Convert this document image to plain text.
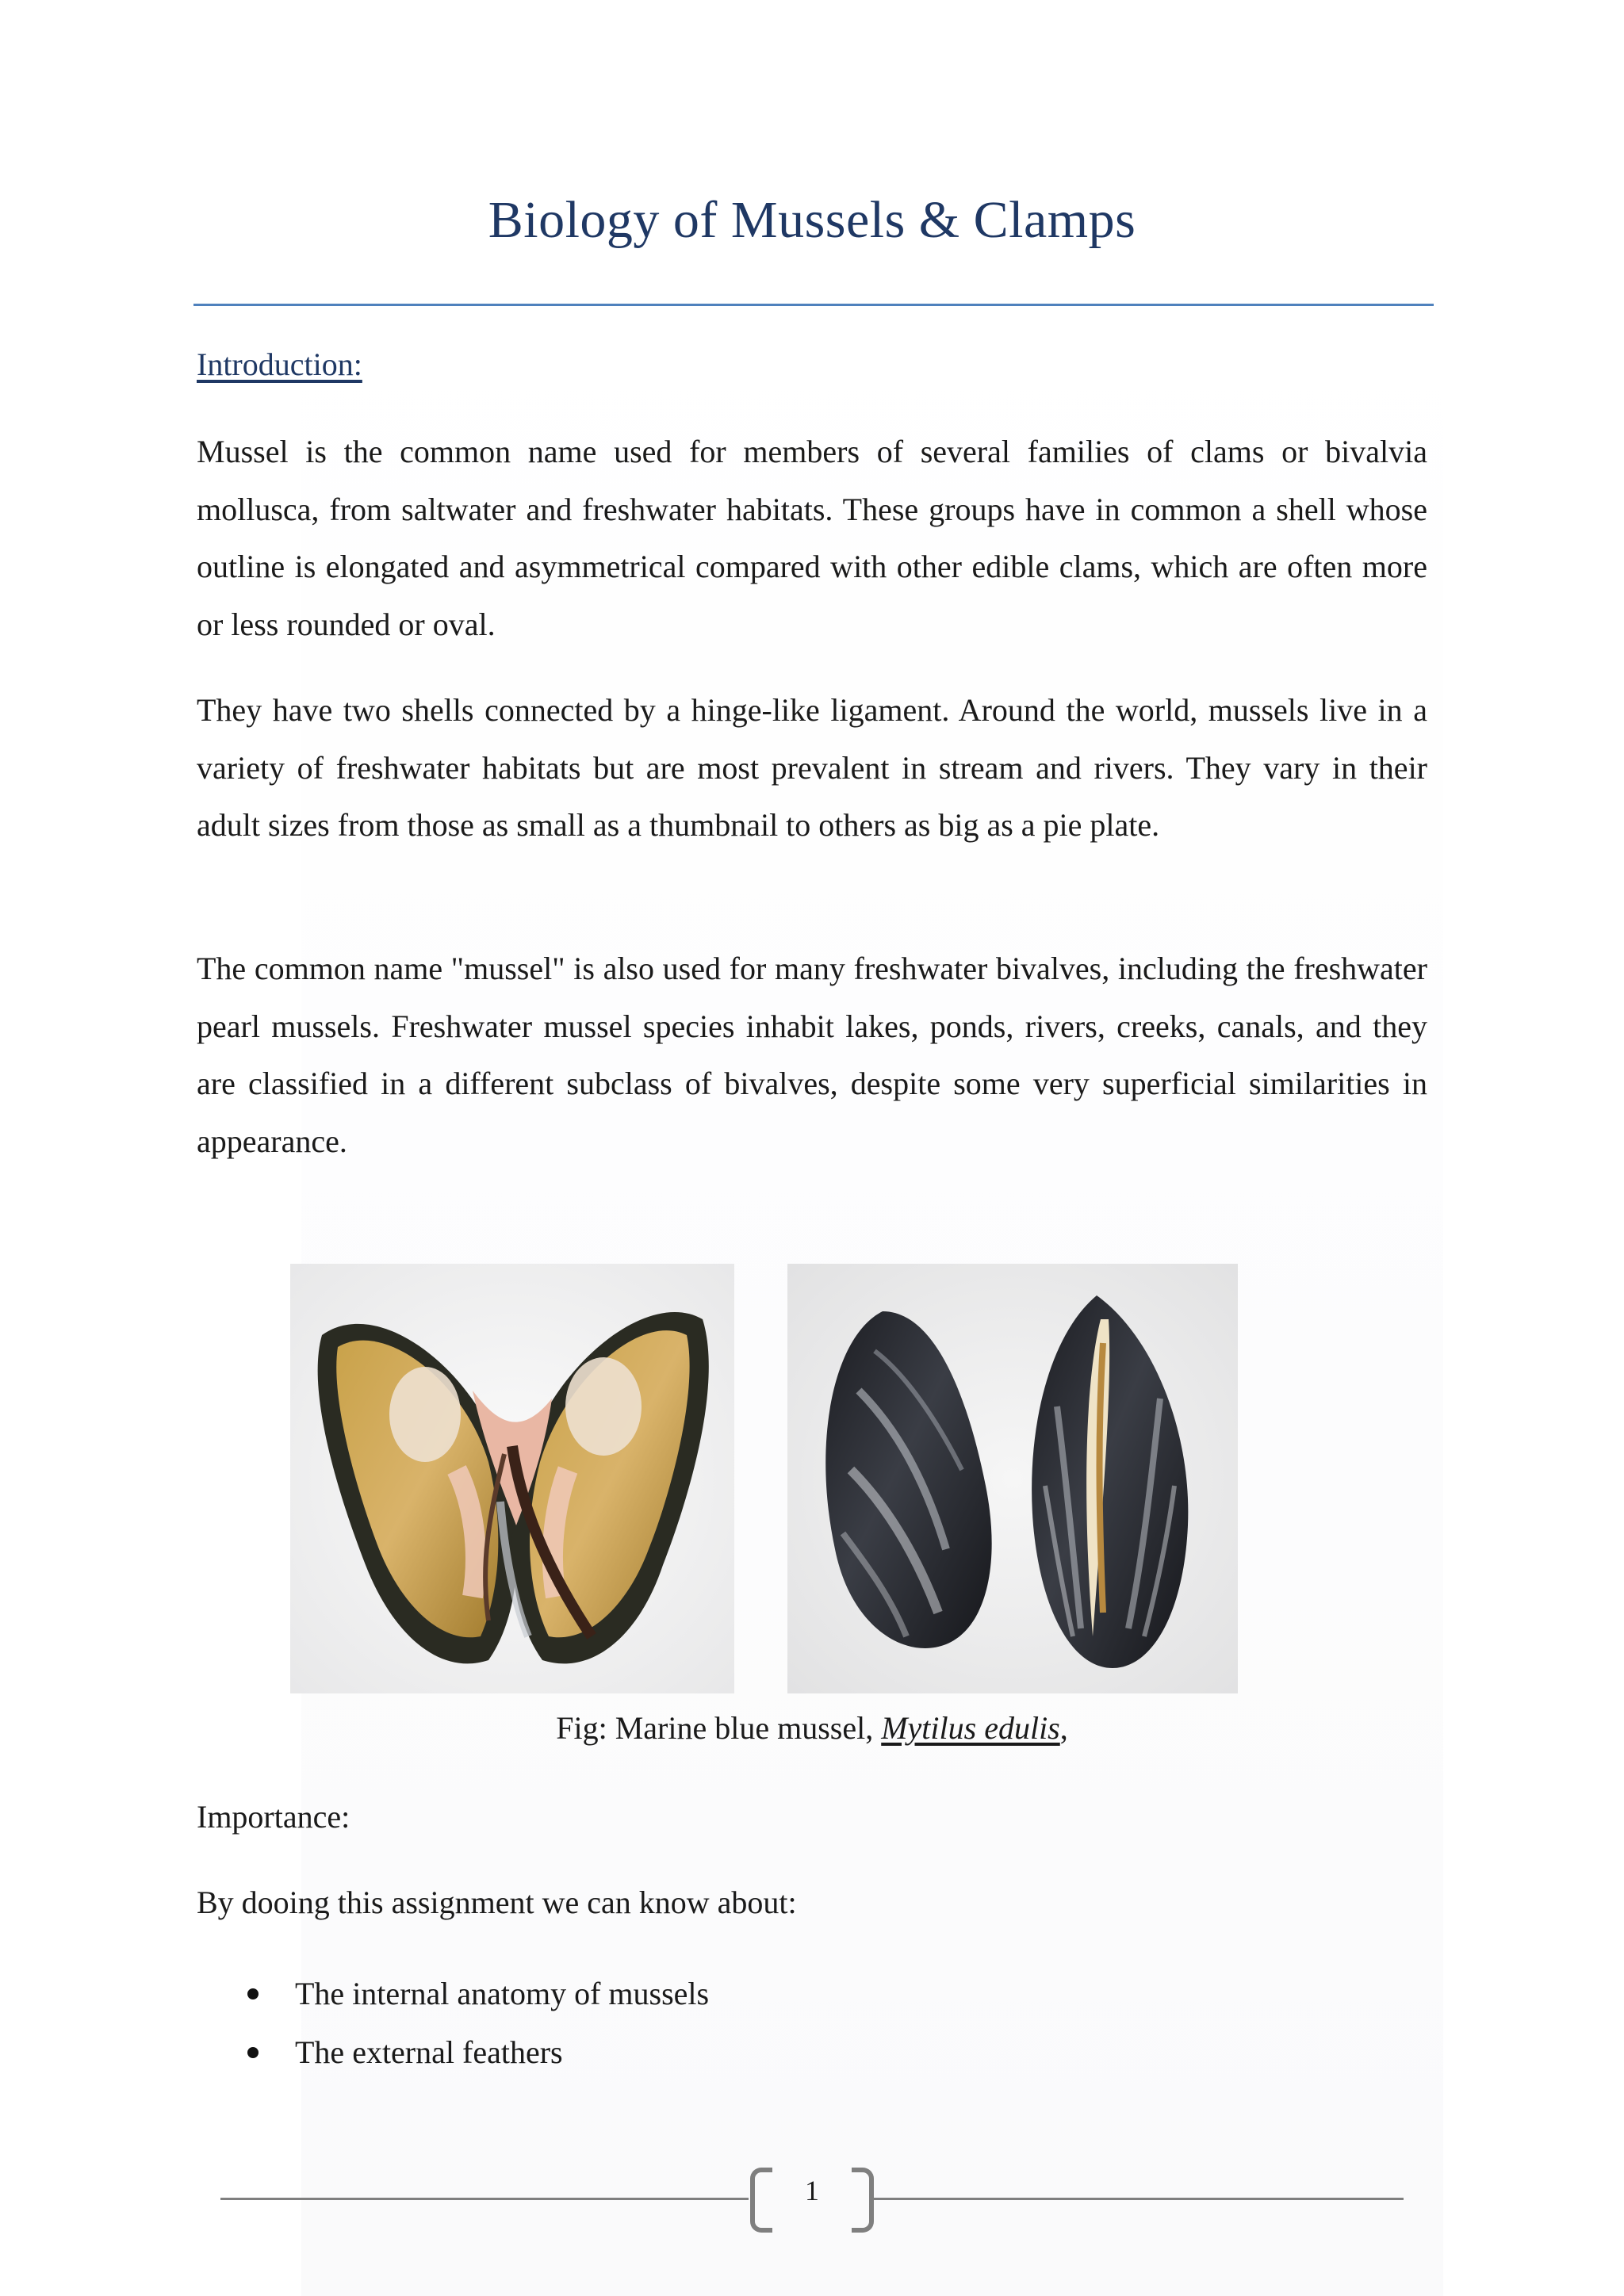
Biology of Mussels & Clamps
Introduction:
Mussel is the common name used for members of several families of clams or bivalvia mollusca, from saltwater and freshwater habitats. These groups have in common a shell whose outline is elongated and asymmetrical compared with other edible clams, which are often more or less rounded or oval.
They have two shells connected by a hinge-like ligament. Around the world, mussels live in a variety of freshwater habitats but are most prevalent in stream and rivers. They vary in their adult sizes from those as small as a thumbnail to others as big as a pie plate.
The common name "mussel" is also used for many freshwater bivalves, including the freshwater pearl mussels. Freshwater mussel species inhabit lakes, ponds, rivers, creeks, canals, and they are classified in a different subclass of bivalves, despite some very superficial similarities in appearance.
Fig: Marine blue mussel, Mytilus edulis,
Importance:
By dooing this assignment we can know about:
The internal anatomy of mussels
The external feathers
1
